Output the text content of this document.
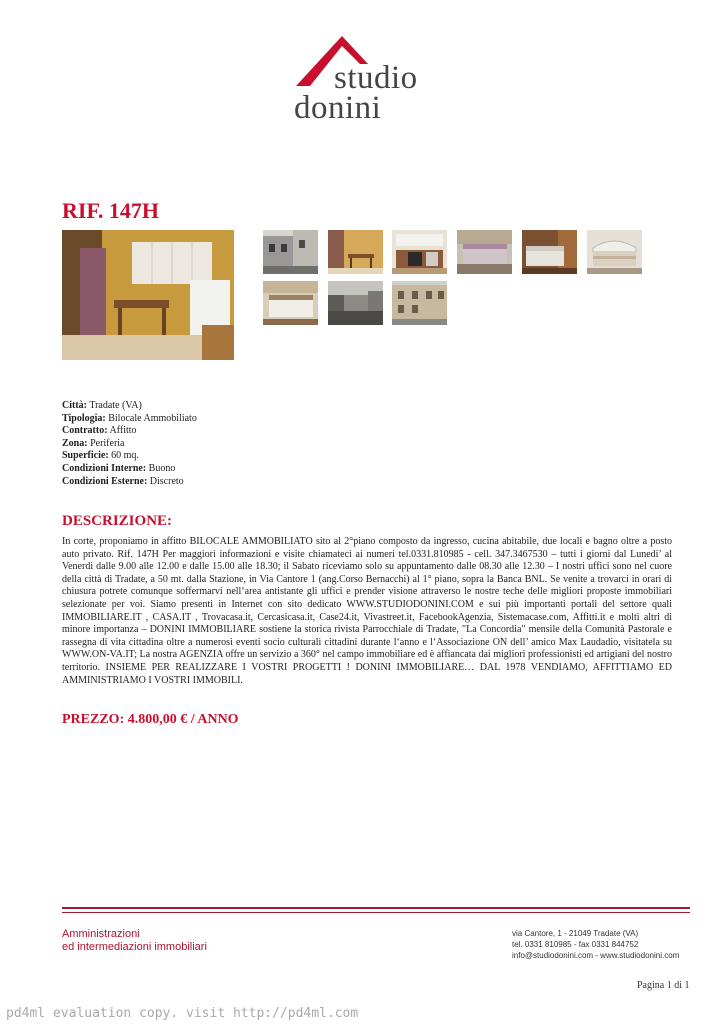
studio
donini
RIF. 147H
Città: Tradate (VA)
Tipologia: Bilocale Ammobiliato
Contratto: Affitto
Zona: Periferia
Superficie: 60 mq.
Condizioni Interne: Buono
Condizioni Esterne: Discreto
DESCRIZIONE:

In corte, proponiamo in affitto BILOCALE AMMOBILIATO sito al 2°piano composto da ingresso, cucina abitabile, due locali e bagno oltre a posto auto privato. Rif. 147H Per maggiori informazioni e visite chiamateci ai numeri tel.0331.810985 - cell. 347.3467530 – tutti i giorni dal Lunedi’ al Venerdi dalle 9.00 alle 12.00 e dalle 15.00 alle 18.30; il Sabato riceviamo solo su appuntamento dalle 08.30 alle 12.30 – I nostri uffici sono nel cuore della città di Tradate, a 50 mt. dalla Stazione, in Via Cantore 1 (ang.Corso Bernacchi) al 1° piano, sopra la Banca BNL. Se venite a trovarci in orari di chiusura potrete comunque soffermarvi nell‘area antistante gli uffici e prender visione attraverso le nostre teche delle migliori proposte immobiliari selezionate per voi. Siamo presenti in Internet con sito dedicato WWW.STUDIODONINI.COM e sui più importanti portali del settore quali IMMOBILIARE.IT , CASA.IT , Trovacasa.it, Cercasicasa.it, Case24.it, Vivastreet.it, FacebookAgenzia, Sistemacase.com, Affitti.it e molti altri di minore importanza – DONINI IMMOBILIARE sostiene la storica rivista Parrocchiale di Tradate, "La Concordia" mensile della Comunità Pastorale e rassegna di vita cittadina oltre a numerosi eventi socio culturali cittadini durante l‘anno e l‘Associazione ON dell’ amico Max Laudadio, visitatela su WWW.ON-VA.IT; La nostra AGENZIA offre un servizio a 360° nel campo immobiliare ed è affiancata dai migliori professionisti ed artigiani del nostro territorio. INSIEME PER REALIZZARE I VOSTRI PROGETTI ! DONINI IMMOBILIARE… DAL 1978 VENDIAMO, AFFITTIAMO ED AMMINISTRIAMO I VOSTRI IMMOBILI.

PREZZO: 4.800,00 € / ANNO
Amministrazioni
ed intermediazioni immobiliari
via Cantore, 1 - 21049 Tradate (VA)
tel. 0331 810985 - fax 0331 844752
info@studiodonini.com - www.studiodonini.com
Pagina 1 di 1
pd4ml evaluation copy. visit http://pd4ml.com
